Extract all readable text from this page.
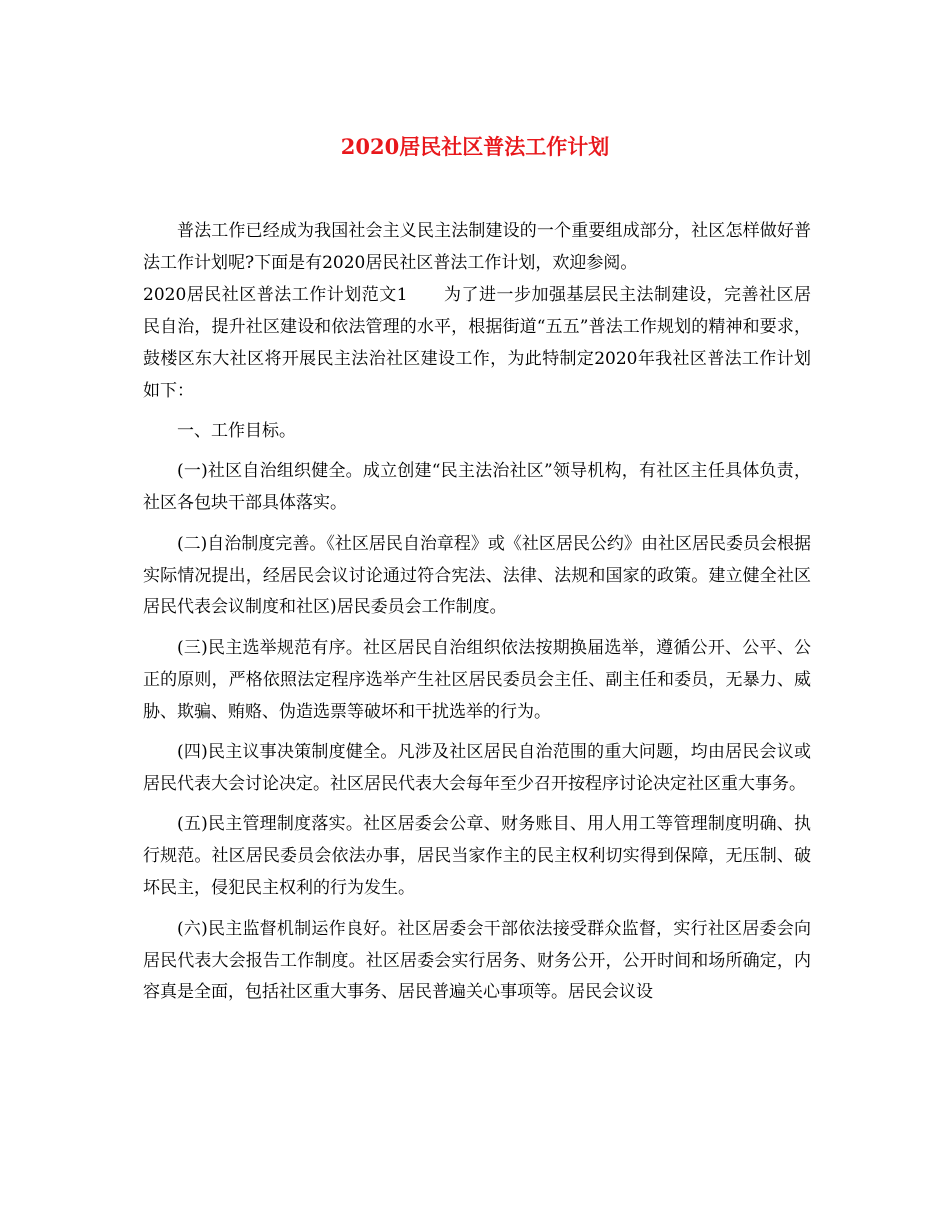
2020居民社区普法工作计划

普法工作已经成为我国社会主义民主法制建设的一个重要组成部分，社区怎样做好普法工作计划呢?下面是有2020居民社区普法工作计划，欢迎参阅。

2020居民社区普法工作计划范文1 为了进一步加强基层民主法制建设，完善社区居民自治，提升社区建设和依法管理的水平，根据街道“五五”普法工作规划的精神和要求，鼓楼区东大社区将开展民主法治社区建设工作，为此特制定2020年我社区普法工作计划如下：

一、工作目标。

(一)社区自治组织健全。成立创建“民主法治社区”领导机构，有社区主任具体负责，社区各包块干部具体落实。

(二)自治制度完善。《社区居民自治章程》或《社区居民公约》由社区居民委员会根据实际情况提出，经居民会议讨论通过符合宪法、法律、法规和国家的政策。建立健全社区居民代表会议制度和社区)居民委员会工作制度。

(三)民主选举规范有序。社区居民自治组织依法按期换届选举，遵循公开、公平、公正的原则，严格依照法定程序选举产生社区居民委员会主任、副主任和委员，无暴力、威胁、欺骗、贿赂、伪造选票等破坏和干扰选举的行为。

(四)民主议事决策制度健全。凡涉及社区居民自治范围的重大问题，均由居民会议或居民代表大会讨论决定。社区居民代表大会每年至少召开按程序讨论决定社区重大事务。

(五)民主管理制度落实。社区居委会公章、财务账目、用人用工等管理制度明确、执行规范。社区居民委员会依法办事，居民当家作主的民主权利切实得到保障，无压制、破坏民主，侵犯民主权利的行为发生。

(六)民主监督机制运作良好。社区居委会干部依法接受群众监督，实行社区居委会向居民代表大会报告工作制度。社区居委会实行居务、财务公开，公开时间和场所确定，内容真是全面，包括社区重大事务、居民普遍关心事项等。居民会议设
